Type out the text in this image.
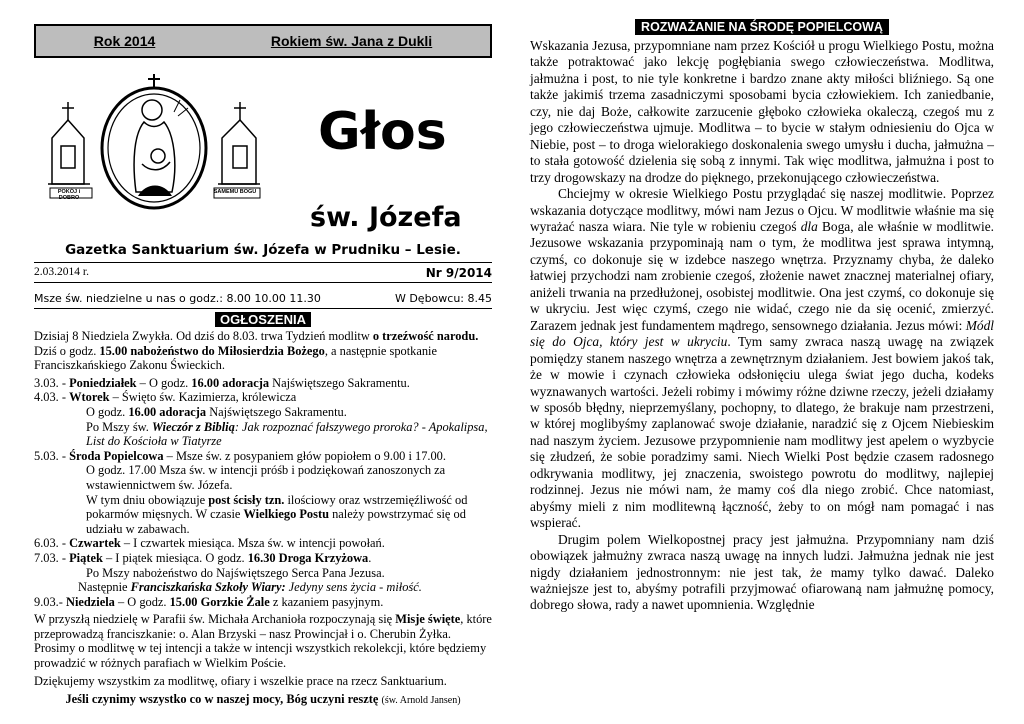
Rok 2014	Rokiem św. Jana z Dukli
POKÓJ i DOBRO
SAMEMU BOGU
Głos
św. Józefa
Gazetka Sanktuarium św. Józefa w Prudniku – Lesie.
2.03.2014 r.	Nr 9/2014
Msze św. niedzielne u nas o godz.: 8.00 10.00 11.30	W Dębowcu: 8.45
OGŁOSZENIA
Dzisiaj 8 Niedziela Zwykła. Od dziś do 8.03. trwa Tydzień modlitw o trzeźwość narodu. Dziś o godz. 15.00 nabożeństwo do Miłosierdzia Bożego, a następnie spotkanie Franciszkańskiego Zakonu Świeckich.
3.03. - Poniedziałek – O godz. 16.00 adoracja Najświętszego Sakramentu.
4.03. - Wtorek – Święto św. Kazimierza, królewicza
O godz. 16.00 adoracja Najświętszego Sakramentu.
Po Mszy św. Wieczór z Biblią: Jak rozpoznać fałszywego proroka? - Apokalipsa, List do Kościoła w Tiatyrze
5.03. - Środa Popielcowa – Msze św. z posypaniem głów popiołem o 9.00 i 17.00.
O godz. 17.00 Msza św. w intencji próśb i podziękowań zanoszonych za wstawiennictwem św. Józefa.
W tym dniu obowiązuje post ścisły tzn. ilościowy oraz wstrzemięźliwość od pokarmów mięsnych. W czasie Wielkiego Postu należy powstrzymać się od udziału w zabawach.
6.03. - Czwartek – I czwartek miesiąca. Msza św. w intencji powołań.
7.03. - Piątek – I piątek miesiąca. O godz. 16.30 Droga Krzyżowa.
Po Mszy nabożeństwo do Najświętszego Serca Pana Jezusa.
Następnie Franciszkańska Szkoły Wiary: Jedyny sens życia - miłość.
9.03.- Niedziela – O godz. 15.00 Gorzkie Żale z kazaniem pasyjnym.
W przyszłą niedzielę w Parafii św. Michała Archanioła rozpoczynają się Misje święte, które przeprowadzą franciszkanie: o. Alan Brzyski – nasz Prowincjał i o. Cherubin Żyłka. Prosimy o modlitwę w tej intencji a także w intencji wszystkich rekolekcji, które będziemy prowadzić w różnych parafiach w Wielkim Poście.
Dziękujemy wszystkim za modlitwę, ofiary i wszelkie prace na rzecz Sanktuarium.
Jeśli czynimy wszystko co w naszej mocy, Bóg uczyni resztę (św. Arnold Jansen)
ROZWAŻANIE NA ŚRODĘ POPIELCOWĄ

Wskazania Jezusa, przypomniane nam przez Kościół u progu Wielkiego Postu, można także potraktować jako lekcję pogłębiania swego człowieczeństwa. Modlitwa, jałmużna i post, to nie tyle konkretne i bardzo znane akty miłości bliźniego. Są one także jakimiś trzema zasadniczymi sposobami bycia człowiekiem. Ich zaniedbanie, czy, nie daj Boże, całkowite zarzucenie głęboko człowieka okaleczą, czegoś mu z jego człowieczeństwa ujmuje. Modlitwa – to bycie w stałym odniesieniu do Ojca w Niebie, post – to droga wielorakiego doskonalenia swego umysłu i ducha, jałmużna – to stała gotowość dzielenia się sobą z innymi. Tak więc modlitwa, jałmużna i post to trzy drogowskazy na drodze do pięknego, przekonującego człowieczeństwa.

Chciejmy w okresie Wielkiego Postu przyglądać się naszej modlitwie. Poprzez wskazania dotyczące modlitwy, mówi nam Jezus o Ojcu. W modlitwie właśnie ma się wyrażać nasza wiara. Nie tyle w robieniu czegoś dla Boga, ale właśnie w modlitwie. Jezusowe wskazania przypominają nam o tym, że modlitwa jest sprawa intymną, czymś, co dokonuje się w izdebce naszego wnętrza. Przyznamy chyba, że daleko łatwiej przychodzi nam zrobienie czegoś, złożenie nawet znacznej materialnej ofiary, aniżeli trwania na przedłużonej, osobistej modlitwie. Ona jest czymś, co dokonuje się w ukryciu. Jest więc czymś, czego nie widać, czego nie da się ocenić, zmierzyć. Zarazem jednak jest fundamentem mądrego, sensownego działania. Jezus mówi: Módl się do Ojca, który jest w ukryciu. Tym samy zwraca naszą uwagę na związek pomiędzy stanem naszego wnętrza a zewnętrznym działaniem. Jest bowiem jakoś tak, że w mowie i czynach człowieka odsłonięciu ulega świat jego ducha, kodeks wyznawanych wartości. Jeżeli robimy i mówimy różne dziwne rzeczy, jeżeli działamy w sposób błędny, nieprzemyślany, pochopny, to dlatego, że brakuje nam przestrzeni, w której moglibyśmy zaplanować swoje działanie, naradzić się z Ojcem Niebieskim nad naszym życiem. Jezusowe przypomnienie nam modlitwy jest apelem o wyzbycie się złudzeń, że sobie poradzimy sami. Niech Wielki Post będzie czasem radosnego odkrywania modlitwy, jej znaczenia, swoistego powrotu do modlitwy, najlepiej rodzinnej. Jezus nie mówi nam, że mamy coś dla niego zrobić. Chce natomiast, abyśmy mieli z nim modlitewną łączność, żeby to on mógł nam pomagać i nas wspierać.

Drugim polem Wielkopostnej pracy jest jałmużna. Przypomniany nam dziś obowiązek jałmużny zwraca naszą uwagę na innych ludzi. Jałmużna jednak nie jest nigdy działaniem jednostronnym: nie jest tak, że mamy tylko dawać. Daleko ważniejsze jest to, abyśmy potrafili przyjmować ofiarowaną nam jałmużnę pomocy, dobrego słowa, rady a nawet upomnienia. Względnie
